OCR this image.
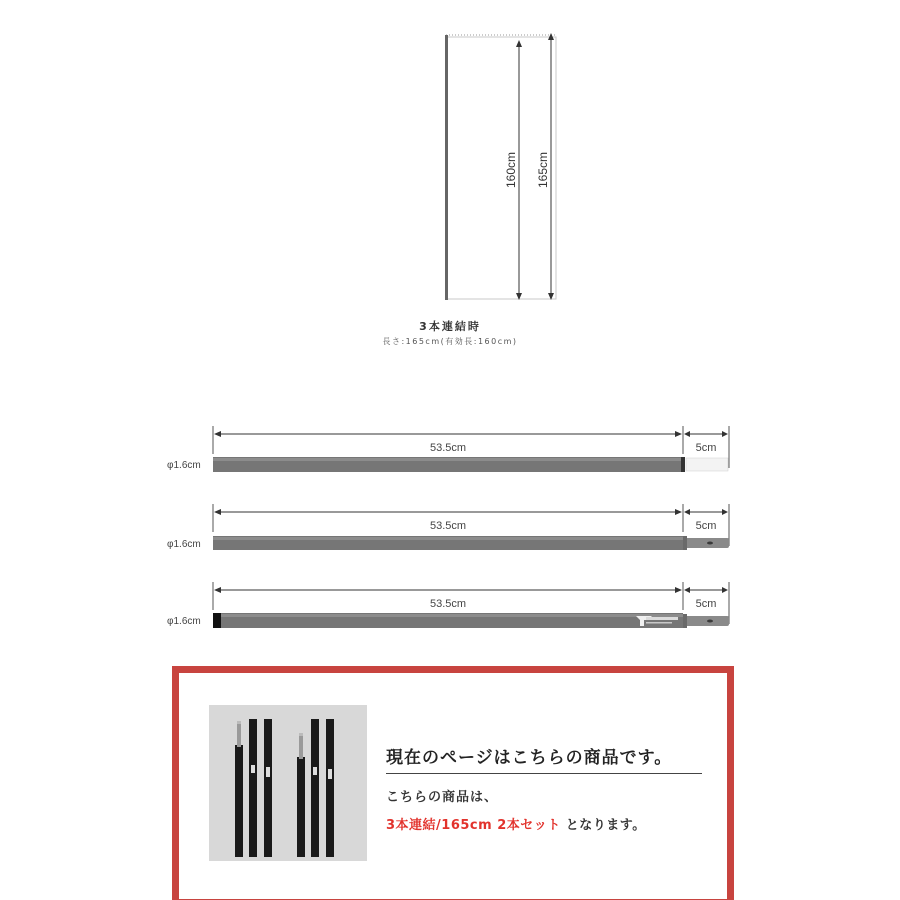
160cm 165cm
3本連結時
長さ:165cm(有効長:160cm)
53.5cm	5cm
φ1.6cm
53.5cm	5cm
φ1.6cm
53.5cm	5cm
φ1.6cm
現在のページはこちらの商品です。
こちらの商品は、
3本連結/165cm 2本セット となります。
